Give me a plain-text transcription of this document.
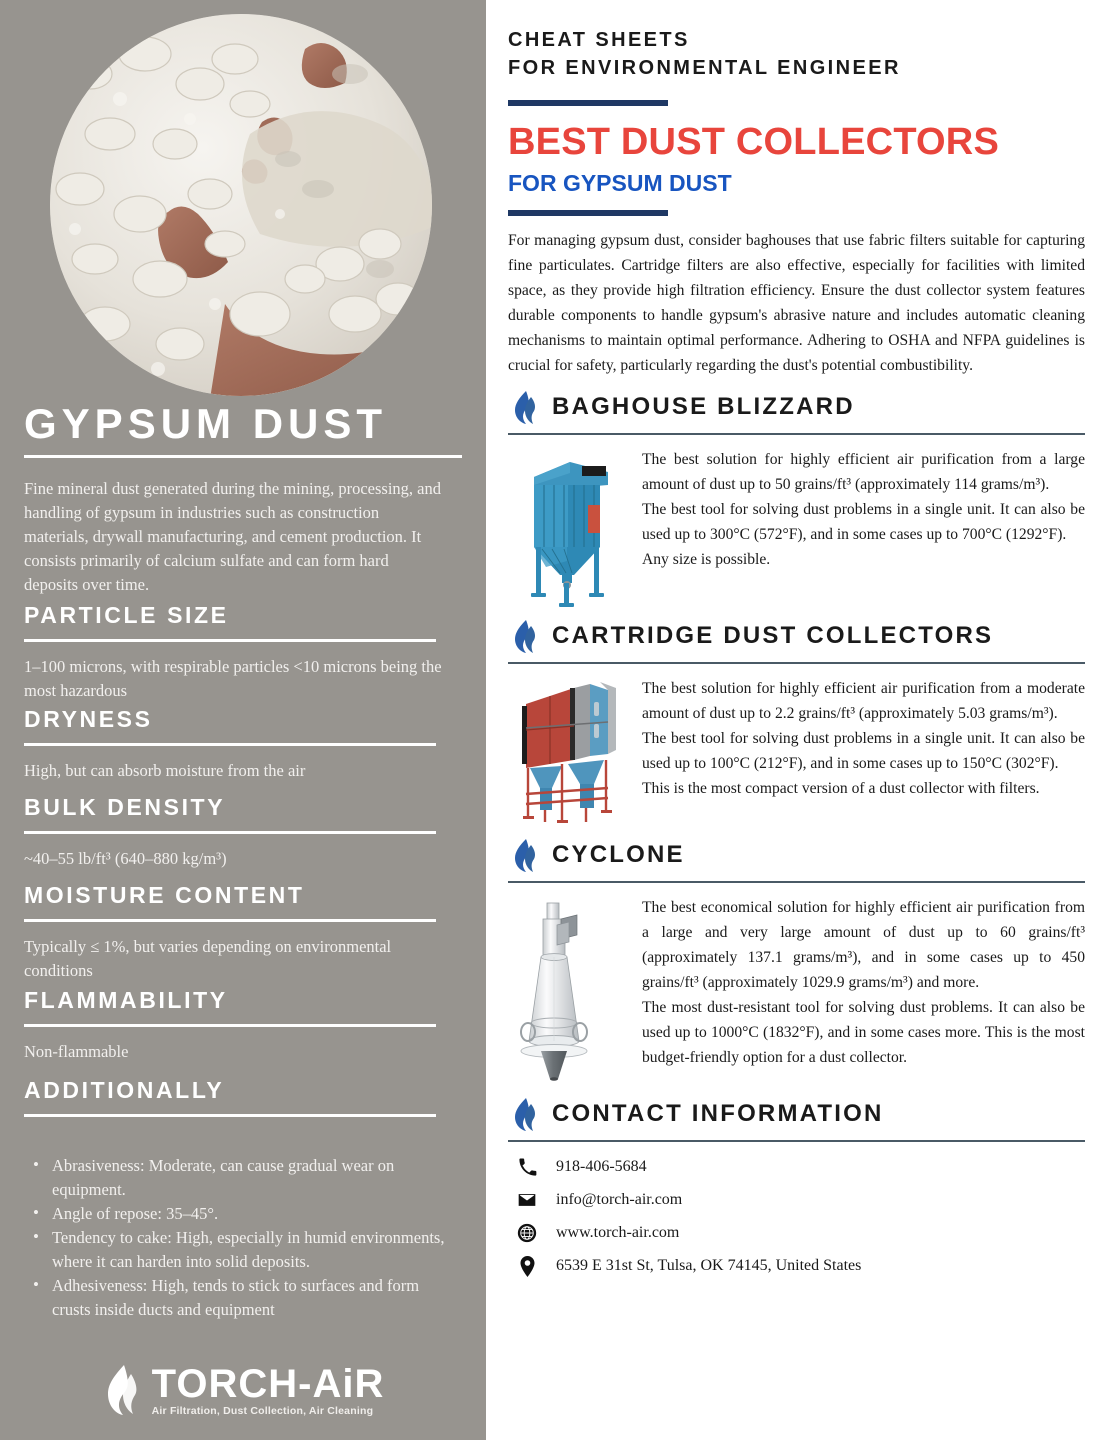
GYPSUM DUST
Fine mineral dust generated during the mining, processing, and handling of gypsum in industries such as construction materials, drywall manufacturing, and cement production. It consists primarily of calcium sulfate and can form hard deposits over time.
PARTICLE SIZE

1–100 microns, with respirable particles <10 microns being the most hazardous

DRYNESS

High, but can absorb moisture from the air

BULK DENSITY

~40–55 lb/ft³ (640–880 kg/m³)

MOISTURE CONTENT

Typically ≤ 1%, but varies depending on environmental conditions

FLAMMABILITY

Non-flammable

ADDITIONALLY
• Abrasiveness: Moderate, can cause gradual wear on equipment.
• Angle of repose: 35–45°.
• Tendency to cake: High, especially in humid environments, where it can harden into solid deposits.
• Adhesiveness: High, tends to stick to surfaces and form crusts inside ducts and equipment
TORCH-AiR
Air Filtration, Dust Collection, Air Cleaning
CHEAT SHEETS
FOR ENVIRONMENTAL ENGINEER
BEST DUST COLLECTORS
FOR GYPSUM DUST

For managing gypsum dust, consider baghouses that use fabric filters suitable for capturing fine particulates. Cartridge filters are also effective, especially for facilities with limited space, as they provide high filtration efficiency. Ensure the dust collector system features durable components to handle gypsum's abrasive nature and includes automatic cleaning mechanisms to maintain optimal performance. Adhering to OSHA and NFPA guidelines is crucial for safety, particularly regarding the dust's potential combustibility.

BAGHOUSE BLIZZARD

The best solution for highly efficient air purification from a large amount of dust up to 50 grains/ft³ (approximately 114 grams/m³).

The best tool for solving dust problems in a single unit. It can also be used up to 300°C (572°F), and in some cases up to 700°C (1292°F).

Any size is possible.

CARTRIDGE DUST COLLECTORS

The best solution for highly efficient air purification from a moderate amount of dust up to 2.2 grains/ft³ (approximately 5.03 grams/m³).

The best tool for solving dust problems in a single unit. It can also be used up to 100°C (212°F), and in some cases up to 150°C (302°F).

This is the most compact version of a dust collector with filters.

CYCLONE

The best economical solution for highly efficient air purification from a large and very large amount of dust up to 60 grains/ft³ (approximately 137.1 grams/m³), and in some cases up to 450 grains/ft³ (approximately 1029.9 grams/m³) and more.

The most dust-resistant tool for solving dust problems. It can also be used up to 1000°C (1832°F), and in some cases more. This is the most budget-friendly option for a dust collector.

CONTACT INFORMATION
918-406-5684
info@torch-air.com
www.torch-air.com
6539 E 31st St, Tulsa, OK 74145, United States
